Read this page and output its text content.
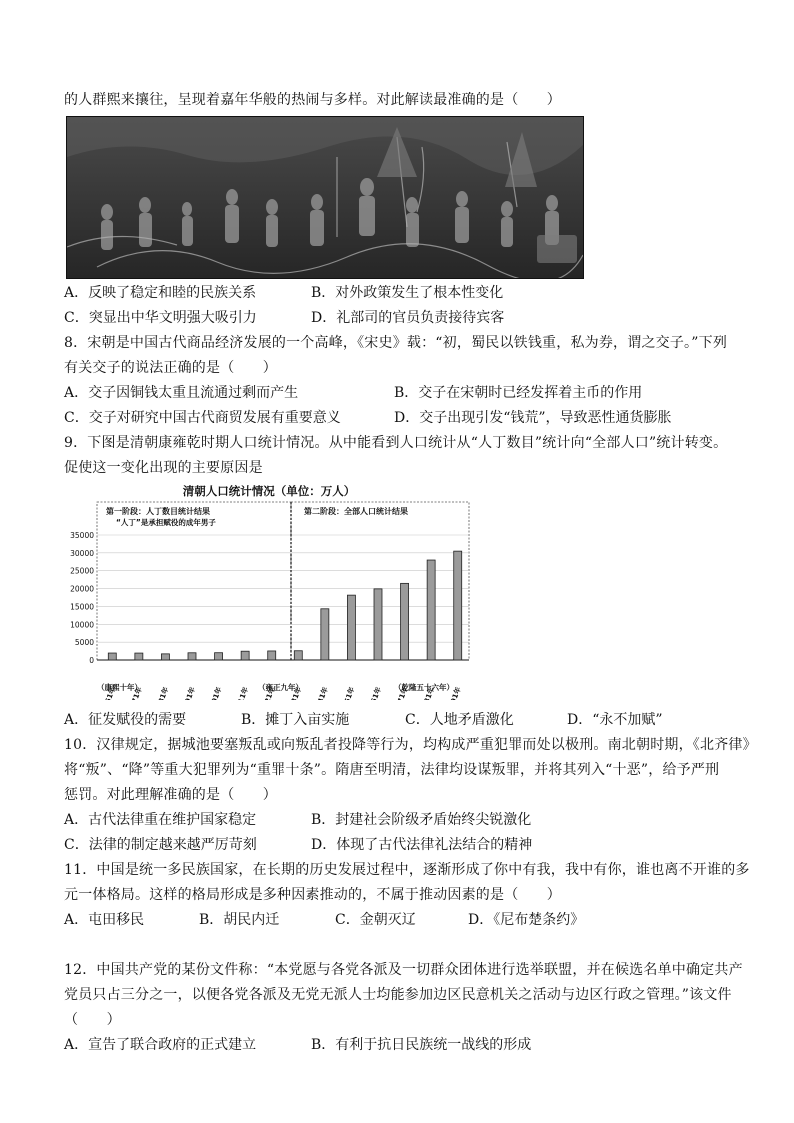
的人群熙来攘往，呈现着嘉年华般的热闹与多样。对此解读最准确的是（　　）
A．反映了稳定和睦的民族关系	B．对外政策发生了根本性变化
C．突显出中华文明强大吸引力	D．礼部司的官员负责接待宾客
8．宋朝是中国古代商品经济发展的一个高峰，《宋史》载：“初，蜀民以铁钱重，私为券，谓之交子。”下列
有关交子的说法正确的是（　　）
A．交子因铜钱太重且流通过剩而产生	B．交子在宋朝时已经发挥着主币的作用
C．交子对研究中国古代商贸发展有重要意义	D．交子出现引发“钱荒”，导致恶性通货膨胀
9．下图是清朝康雍乾时期人口统计情况。从中能看到人口统计从“人丁数目”统计向“全部人口”统计转变。
促使这一变化出现的主要原因是
清朝人口统计情况（单位：万人）
第一阶段：人丁数目统计结果
“人丁”是承担赋役的成年男子
第二阶段：全部人口统计结果
0
5000
10000
15000
20000
25000
30000
35000
1661年 1671年 1681年 1691年 1701年 1711年 1721年 1731年 1741年 1751年 1761年 1771年 1781年 1791年
（康熙十年）	（雍正九年）	（乾隆五十六年）
A．征发赋役的需要	B．摊丁入亩实施	C．人地矛盾激化	D．“永不加赋”
10．汉律规定，据城池要塞叛乱或向叛乱者投降等行为，均构成严重犯罪而处以极刑。南北朝时期，《北齐律》
将“叛”、“降”等重大犯罪列为“重罪十条”。隋唐至明清，法律均设谋叛罪，并将其列入“十恶”，给予严刑
惩罚。对此理解准确的是（　　）
A．古代法律重在维护国家稳定	B．封建社会阶级矛盾始终尖锐激化
C．法律的制定越来越严厉苛刻	D．体现了古代法律礼法结合的精神
11．中国是统一多民族国家，在长期的历史发展过程中，逐渐形成了你中有我，我中有你，谁也离不开谁的多
元一体格局。这样的格局形成是多种因素推动的，不属于推动因素的是（　　）
A．屯田移民	B．胡民内迁	C．金朝灭辽	D．《尼布楚条约》
12．中国共产党的某份文件称：“本党愿与各党各派及一切群众团体进行选举联盟，并在候选名单中确定共产
党员只占三分之一，以便各党各派及无党无派人士均能参加边区民意机关之活动与边区行政之管理。”该文件
（　　）
A．宣告了联合政府的正式建立	B．有利于抗日民族统一战线的形成
